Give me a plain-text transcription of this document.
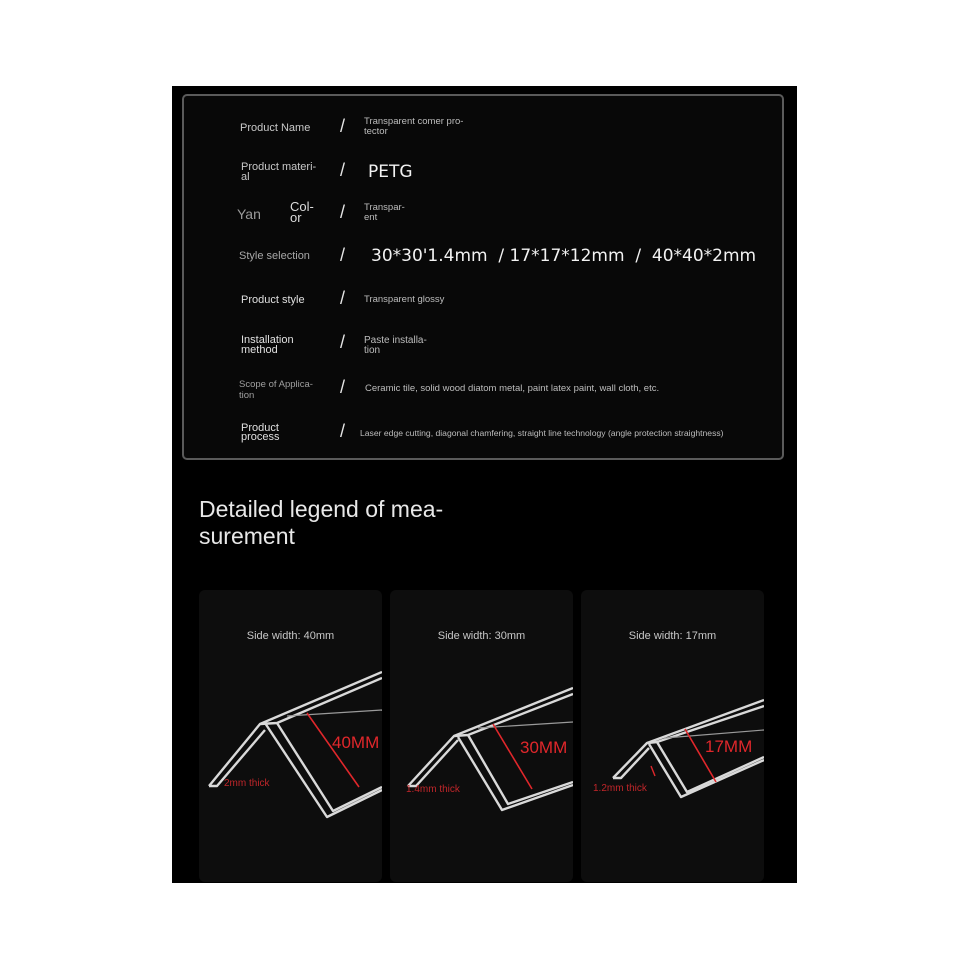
Product Name / Transparent comer pro-
tector
Product materi-
al	/ PETG
Yan Col-
or / Transpar-
ent
Style selection / 30*30'1.4mm  / 17*17*12mm  /  40*40*2mm
Product style / Transparent glossy
Installation
method	/ Paste installa-
tion
Scope of Applica-
tion	/ Ceramic tile, solid wood diatom metal, paint latex paint, wall cloth, etc.
Product
process	/ Laser edge cutting, diagonal chamfering, straight line technology (angle protection straightness)
Detailed legend of mea-
surement
Side width: 40mm
40MM
2mm thick
Side width: 30mm
30MM
1.4mm thick
Side width: 17mm
17MM
1.2mm thick
